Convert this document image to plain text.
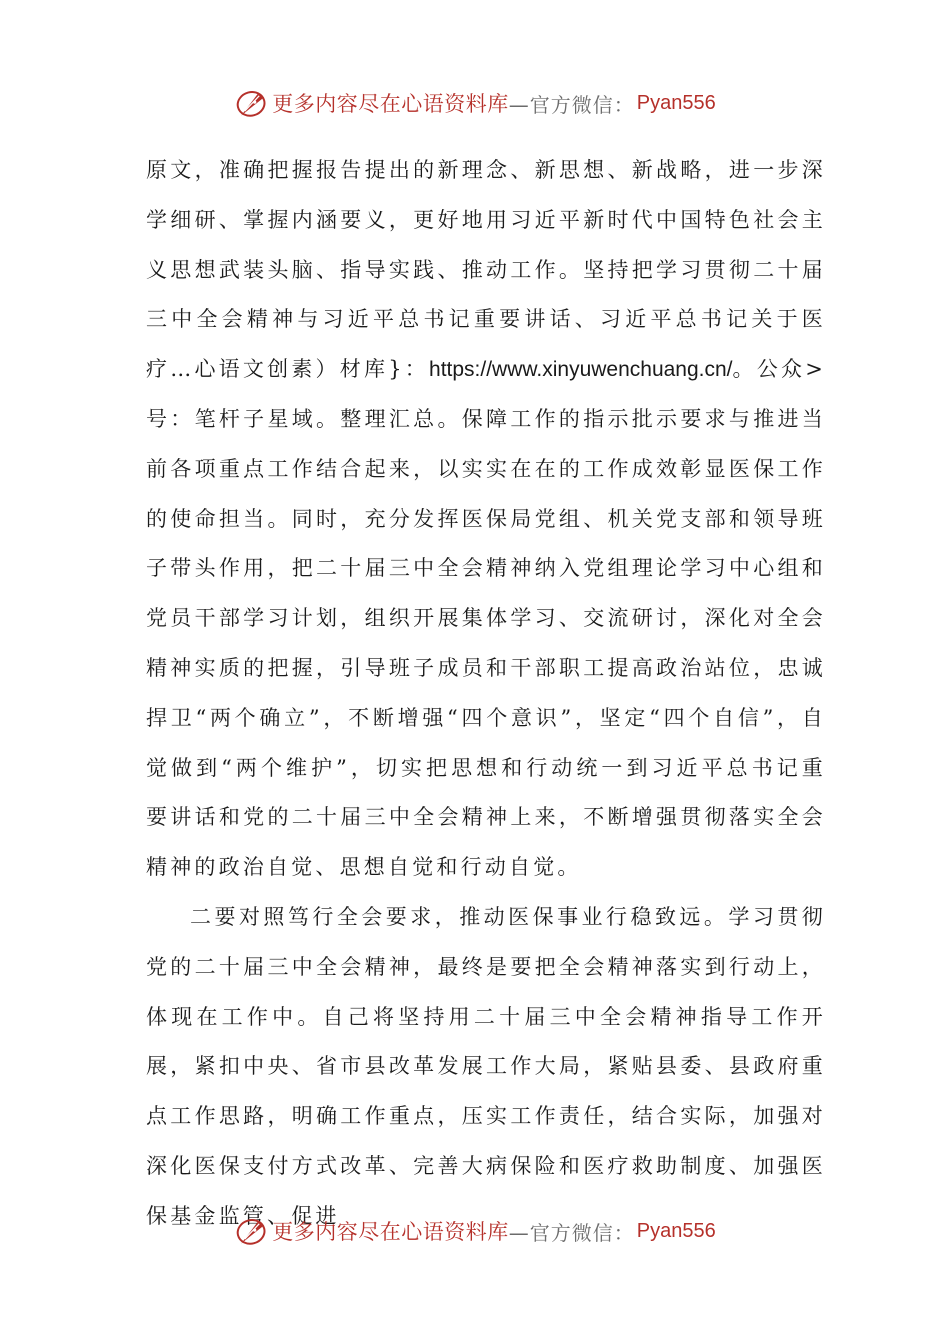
更多内容尽在心语资料库 —官方微信： Pyan556

原文，准确把握报告提出的新理念、新思想、新战略，进一步深学细研、掌握内涵要义，更好地用习近平新时代中国特色社会主义思想武装头脑、指导实践、推动工作。坚持把学习贯彻二十届三中全会精神与习近平总书记重要讲话、习近平总书记关于医疗…心语文创素）材库}：https://www.xinyuwenchuang.cn/。公众>号：笔杆子星域。整理汇总。保障工作的指示批示要求与推进当前各项重点工作结合起来，以实实在在的工作成效彰显医保工作的使命担当。同时，充分发挥医保局党组、机关党支部和领导班子带头作用，把二十届三中全会精神纳入党组理论学习中心组和党员干部学习计划，组织开展集体学习、交流研讨，深化对全会精神实质的把握，引导班子成员和干部职工提高政治站位，忠诚捍卫“两个确立”，不断增强“四个意识”，坚定“四个自信”，自觉做到“两个维护”，切实把思想和行动统一到习近平总书记重要讲话和党的二十届三中全会精神上来，不断增强贯彻落实全会精神的政治自觉、思想自觉和行动自觉。

二要对照笃行全会要求，推动医保事业行稳致远。学习贯彻党的二十届三中全会精神，最终是要把全会精神落实到行动上，体现在工作中。自己将坚持用二十届三中全会精神指导工作开展，紧扣中央、省市县改革发展工作大局，紧贴县委、县政府重点工作思路，明确工作重点，压实工作责任，结合实际，加强对深化医保支付方式改革、完善大病保险和医疗救助制度、加强医保基金监管、促进

更多内容尽在心语资料库 —官方微信： Pyan556
